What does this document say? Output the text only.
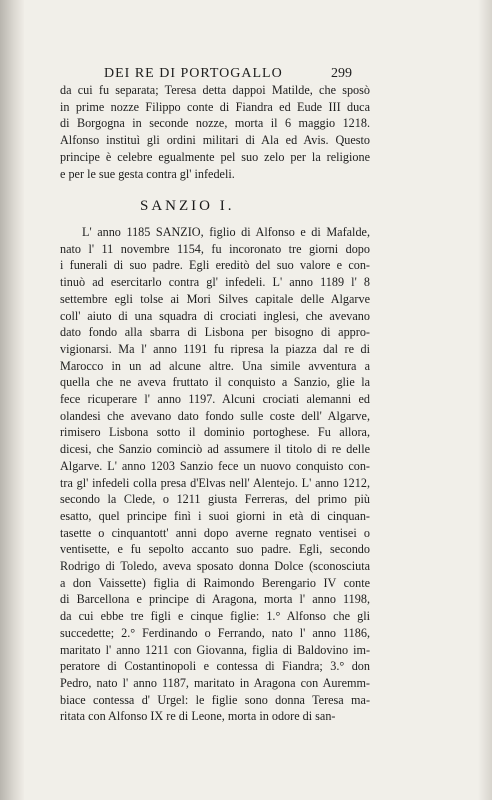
DEI RE DI PORTOGALLO	299
da cui fu separata; Teresa detta dappoi Matilde, che sposò
in prime nozze Filippo conte di Fiandra ed Eude III duca
di Borgogna in seconde nozze, morta il 6 maggio 1218.
Alfonso instituì gli ordini militari di Ala ed Avis. Questo
principe è celebre egualmente pel suo zelo per la religione
e per le sue gesta contra gl' infedeli.
SANZIO I.
L' anno 1185 SANZIO, figlio di Alfonso e di Mafalde,
nato l' 11 novembre 1154, fu incoronato tre giorni dopo
i funerali di suo padre. Egli ereditò del suo valore e con-
tinuò ad esercitarlo contra gl' infedeli. L' anno 1189 l' 8
settembre egli tolse ai Mori Silves capitale delle Algarve
coll' aiuto di una squadra di crociati inglesi, che avevano
dato fondo alla sbarra di Lisbona per bisogno di appro-
vigionarsi. Ma l' anno 1191 fu ripresa la piazza dal re di
Marocco in un ad alcune altre. Una simile avventura a
quella che ne aveva fruttato il conquisto a Sanzio, glie la
fece ricuperare l' anno 1197. Alcuni crociati alemanni ed
olandesi che avevano dato fondo sulle coste dell' Algarve,
rimisero Lisbona sotto il dominio portoghese. Fu allora,
dicesi, che Sanzio cominciò ad assumere il titolo di re delle
Algarve. L' anno 1203 Sanzio fece un nuovo conquisto con-
tra gl' infedeli colla presa d'Elvas nell' Alentejo. L' anno 1212,
secondo la Clede, o 1211 giusta Ferreras, del primo più
esatto, quel principe finì i suoi giorni in età di cinquan-
tasette o cinquantott' anni dopo averne regnato ventisei o
ventisette, e fu sepolto accanto suo padre. Egli, secondo
Rodrigo di Toledo, aveva sposato donna Dolce (sconosciuta
a don Vaissette) figlia di Raimondo Berengario IV conte
di Barcellona e principe di Aragona, morta l' anno 1198,
da cui ebbe tre figli e cinque figlie: 1.° Alfonso che gli
succedette; 2.° Ferdinando o Ferrando, nato l' anno 1186,
maritato l' anno 1211 con Giovanna, figlia di Baldovino im-
peratore di Costantinopoli e contessa di Fiandra; 3.° don
Pedro, nato l' anno 1187, maritato in Aragona con Auremm-
biace contessa d' Urgel: le figlie sono donna Teresa ma-
ritata con Alfonso IX re di Leone, morta in odore di san-
